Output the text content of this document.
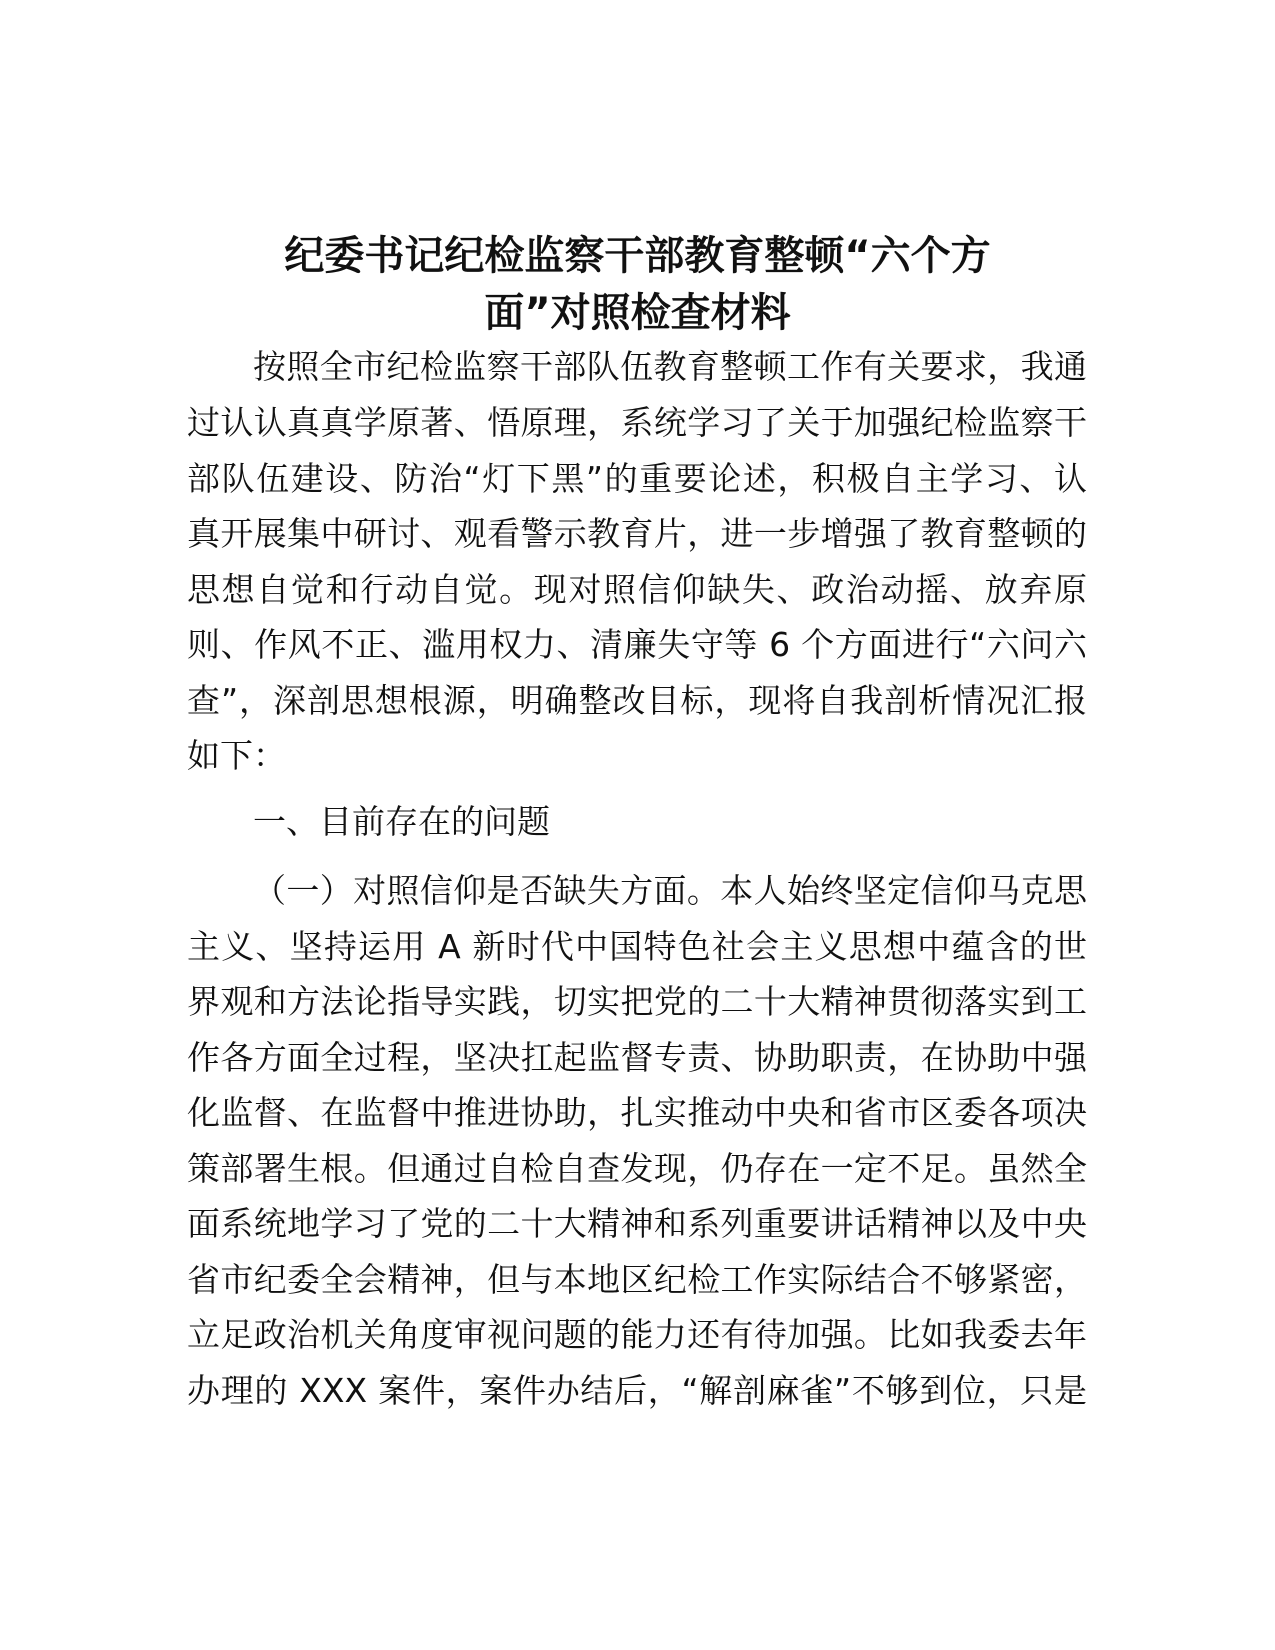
纪委书记纪检监察干部教育整顿“六个方
面”对照检查材料
按照全市纪检监察干部队伍教育整顿工作有关要求，我通
过认认真真学原著、悟原理，系统学习了关于加强纪检监察干
部队伍建设、防治“灯下黑”的重要论述，积极自主学习、认
真开展集中研讨、观看警示教育片，进一步增强了教育整顿的
思想自觉和行动自觉。现对照信仰缺失、政治动摇、放弃原
则、作风不正、滥用权力、清廉失守等 6 个方面进行“六问六
查”，深剖思想根源，明确整改目标，现将自我剖析情况汇报
如下：
一、目前存在的问题
（一）对照信仰是否缺失方面。本人始终坚定信仰马克思
主义、坚持运用 A 新时代中国特色社会主义思想中蕴含的世
界观和方法论指导实践，切实把党的二十大精神贯彻落实到工
作各方面全过程，坚决扛起监督专责、协助职责，在协助中强
化监督、在监督中推进协助，扎实推动中央和省市区委各项决
策部署生根。但通过自检自查发现，仍存在一定不足。虽然全
面系统地学习了党的二十大精神和系列重要讲话精神以及中央
省市纪委全会精神，但与本地区纪检工作实际结合不够紧密，
立足政治机关角度审视问题的能力还有待加强。比如我委去年
办理的 XXX 案件，案件办结后，“解剖麻雀”不够到位，只是
